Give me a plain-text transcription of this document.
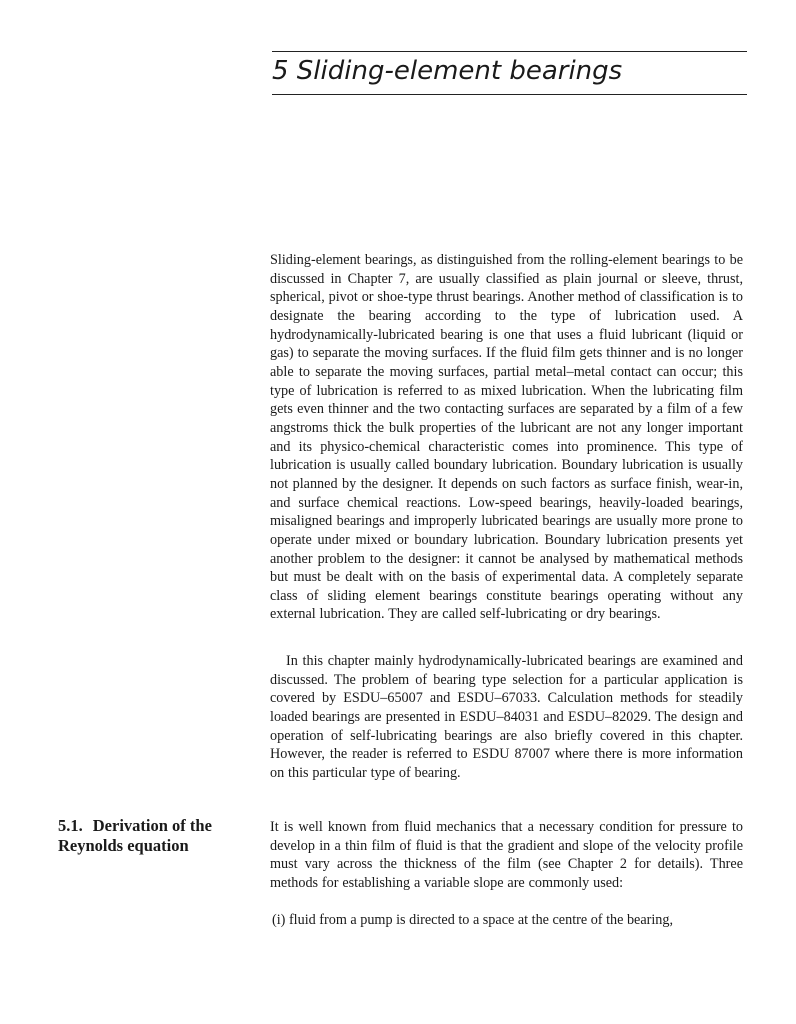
5 Sliding-element bearings

Sliding-element bearings, as distinguished from the rolling-element bearings to be discussed in Chapter 7, are usually classified as plain journal or sleeve, thrust, spherical, pivot or shoe-type thrust bearings. Another method of classification is to designate the bearing according to the type of lubrication used. A hydrodynamically-lubricated bearing is one that uses a fluid lubricant (liquid or gas) to separate the moving surfaces. If the fluid film gets thinner and is no longer able to separate the moving surfaces, partial metal–metal contact can occur; this type of lubrication is referred to as mixed lubrication. When the lubricating film gets even thinner and the two contacting surfaces are separated by a film of a few angstroms thick the bulk properties of the lubricant are not any longer important and its physico-chemical characteristic comes into prominence. This type of lubrication is usually called boundary lubrication. Boundary lubrication is usually not planned by the designer. It depends on such factors as surface finish, wear-in, and surface chemical reactions. Low-speed bearings, heavily-loaded bearings, misaligned bearings and improperly lubricated bearings are usually more prone to operate under mixed or boundary lubrication. Boundary lubrication presents yet another problem to the designer: it cannot be analysed by mathematical methods but must be dealt with on the basis of experimental data. A completely separate class of sliding element bearings constitute bearings operating without any external lubrication. They are called self-lubricating or dry bearings.

In this chapter mainly hydrodynamically-lubricated bearings are examined and discussed. The problem of bearing type selection for a particular application is covered by ESDU–65007 and ESDU–67033. Calculation methods for steadily loaded bearings are presented in ESDU–84031 and ESDU–82029. The design and operation of self-lubricating bearings are also briefly covered in this chapter. However, the reader is referred to ESDU 87007 where there is more information on this particular type of bearing.

5.1. Derivation of the Reynolds equation

It is well known from fluid mechanics that a necessary condition for pressure to develop in a thin film of fluid is that the gradient and slope of the velocity profile must vary across the thickness of the film (see Chapter 2 for details). Three methods for establishing a variable slope are commonly used:

(i) fluid from a pump is directed to a space at the centre of the bearing,
